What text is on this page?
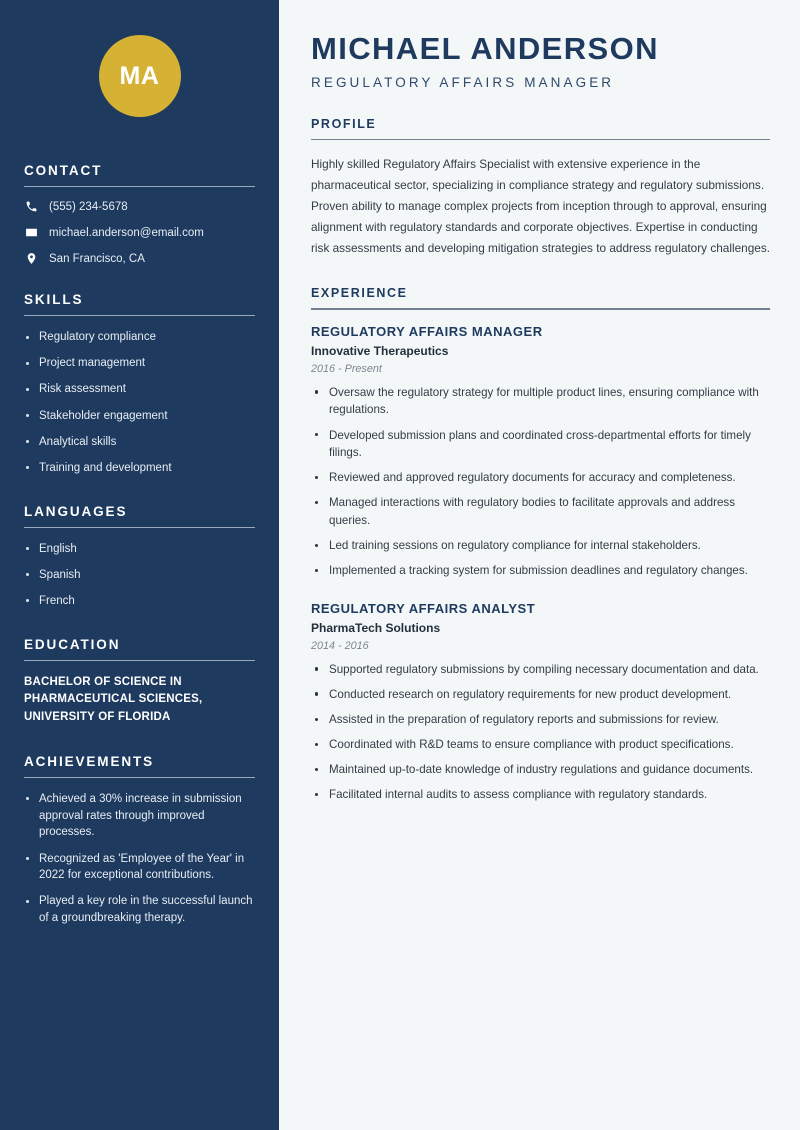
MA
CONTACT
(555) 234-5678
michael.anderson@email.com
San Francisco, CA
SKILLS
Regulatory compliance
Project management
Risk assessment
Stakeholder engagement
Analytical skills
Training and development
LANGUAGES
English
Spanish
French
EDUCATION
BACHELOR OF SCIENCE IN
PHARMACEUTICAL SCIENCES,
UNIVERSITY OF FLORIDA
ACHIEVEMENTS
Achieved a 30% increase in submission approval rates through improved processes.
Recognized as 'Employee of the Year' in 2022 for exceptional contributions.
Played a key role in the successful launch of a groundbreaking therapy.
MICHAEL ANDERSON
REGULATORY AFFAIRS MANAGER
PROFILE

Highly skilled Regulatory Affairs Specialist with extensive experience in the pharmaceutical sector, specializing in compliance strategy and regulatory submissions. Proven ability to manage complex projects from inception through to approval, ensuring alignment with regulatory standards and corporate objectives. Expertise in conducting risk assessments and developing mitigation strategies to address regulatory challenges.

EXPERIENCE
REGULATORY AFFAIRS MANAGER
Innovative Therapeutics
2016 - Present
Oversaw the regulatory strategy for multiple product lines, ensuring compliance with regulations.
Developed submission plans and coordinated cross-departmental efforts for timely filings.
Reviewed and approved regulatory documents for accuracy and completeness.
Managed interactions with regulatory bodies to facilitate approvals and address queries.
Led training sessions on regulatory compliance for internal stakeholders.
Implemented a tracking system for submission deadlines and regulatory changes.
REGULATORY AFFAIRS ANALYST
PharmaTech Solutions
2014 - 2016
Supported regulatory submissions by compiling necessary documentation and data.
Conducted research on regulatory requirements for new product development.
Assisted in the preparation of regulatory reports and submissions for review.
Coordinated with R&D teams to ensure compliance with product specifications.
Maintained up-to-date knowledge of industry regulations and guidance documents.
Facilitated internal audits to assess compliance with regulatory standards.
